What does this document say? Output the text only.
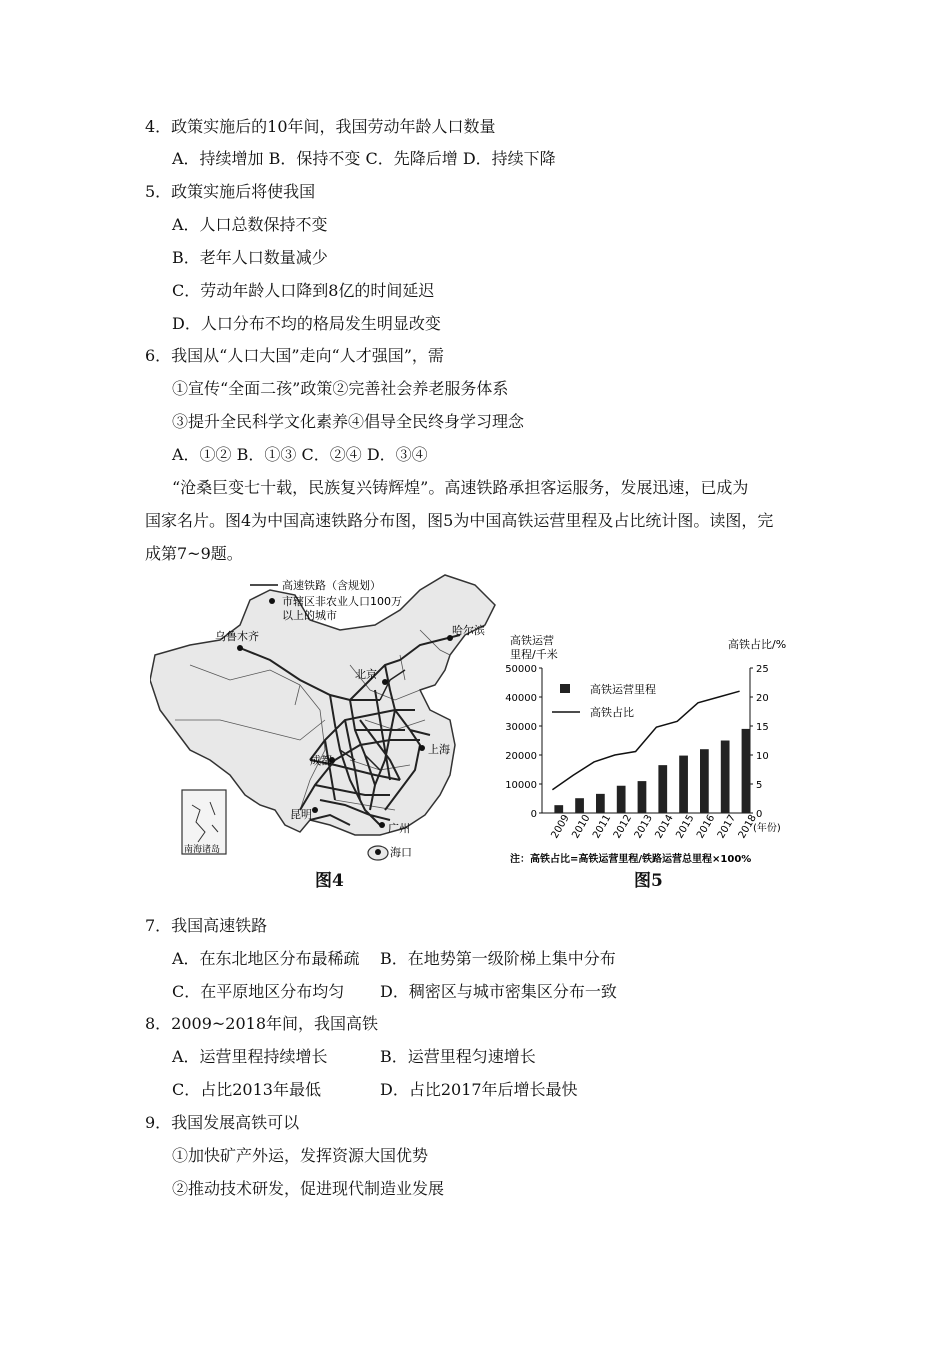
4．政策实施后的10年间，我国劳动年龄人口数量
A．持续增加 B．保持不变 C．先降后增 D．持续下降
5．政策实施后将使我国
A．人口总数保持不变
B．老年人口数量减少
C．劳动年龄人口降到8亿的时间延迟
D．人口分布不均的格局发生明显改变
6．我国从“人口大国”走向“人才强国”，需
①宣传“全面二孩”政策②完善社会养老服务体系
③提升全民科学文化素养④倡导全民终身学习理念
A．①② B．①③ C．②④ D．③④
“沧桑巨变七十载，民族复兴铸辉煌”。高速铁路承担客运服务，发展迅速，已成为
国家名片。图4为中国高速铁路分布图，图5为中国高铁运营里程及占比统计图。读图，完
成第7~9题。
高速铁路（含规划）
市辖区非农业人口100万
以上的城市
哈尔滨
乌鲁木齐
北京
上海
成都
昆明
广州
海口
南海诸岛
图4
高铁运营
里程/千米
高铁占比/%
50000
40000
30000
20000
10000
0
25
20
15
10
5
0
2009
2010
2011
2012
2013
2014
2015
2016
2017
2018
高铁运营里程
高铁占比
(年份)
注：高铁占比=高铁运营里程/铁路运营总里程×100%
图5
7．我国高速铁路
A．在东北地区分布最稀疏 B．在地势第一级阶梯上集中分布
C．在平原地区分布均匀 D．稠密区与城市密集区分布一致
8．2009~2018年间，我国高铁
A．运营里程持续增长	B．运营里程匀速增长
C．占比2013年最低	D．占比2017年后增长最快
9．我国发展高铁可以
①加快矿产外运，发挥资源大国优势
②推动技术研发，促进现代制造业发展
